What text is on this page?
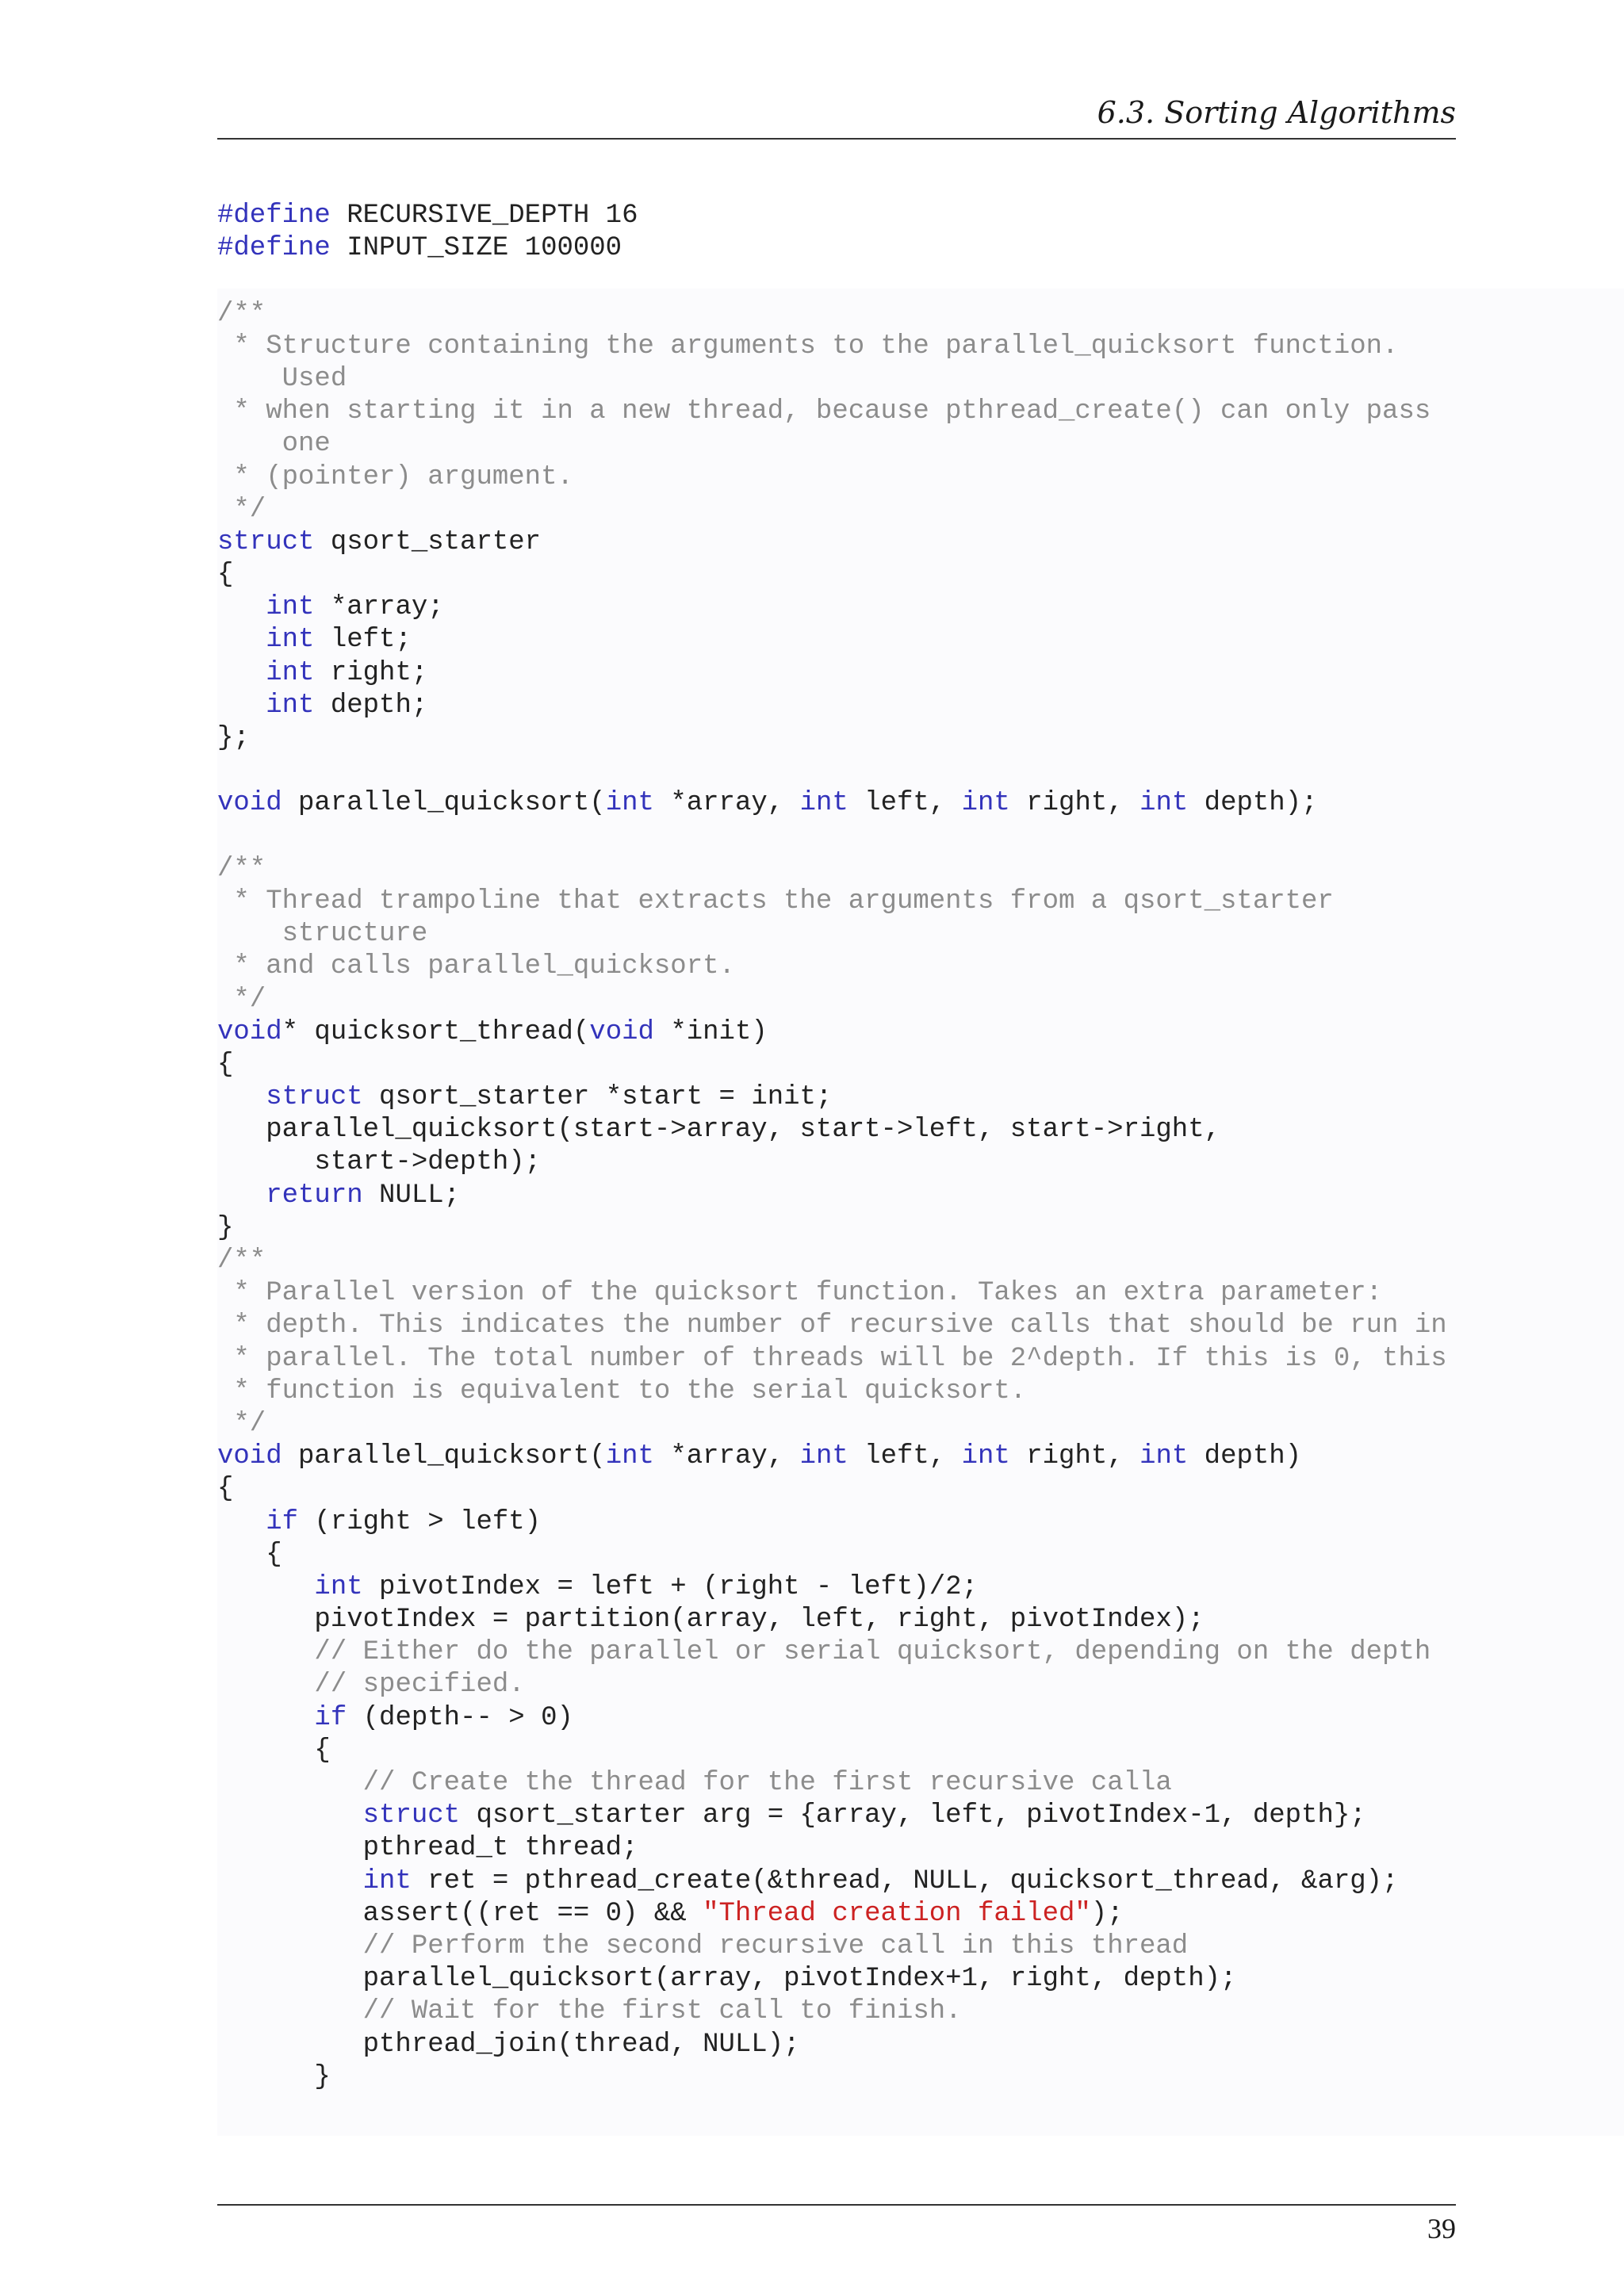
6.3. Sorting Algorithms
#define RECURSIVE_DEPTH 16
#define INPUT_SIZE 100000

/**
* Structure containing the arguments to the parallel_quicksort function.
Used
* when starting it in a new thread, because pthread_create() can only pass
one
* (pointer) argument.
*/
struct qsort_starter
{
int *array;
int left;
int right;
int depth;
};

void parallel_quicksort(int *array, int left, int right, int depth);

/**
* Thread trampoline that extracts the arguments from a qsort_starter
structure
* and calls parallel_quicksort.
*/
void* quicksort_thread(void *init)
{
struct qsort_starter *start = init;
parallel_quicksort(start->array, start->left, start->right,
start->depth);
return NULL;
}
/**
* Parallel version of the quicksort function. Takes an extra parameter:
* depth. This indicates the number of recursive calls that should be run in
* parallel. The total number of threads will be 2^depth. If this is 0, this
* function is equivalent to the serial quicksort.
*/
void parallel_quicksort(int *array, int left, int right, int depth)
{
if (right > left)
{
int pivotIndex = left + (right - left)/2;
pivotIndex = partition(array, left, right, pivotIndex);
// Either do the parallel or serial quicksort, depending on the depth
// specified.
if (depth-- > 0)
{
// Create the thread for the first recursive calla
struct qsort_starter arg = {array, left, pivotIndex-1, depth};
pthread_t thread;
int ret = pthread_create(&thread, NULL, quicksort_thread, &arg);
assert((ret == 0) && "Thread creation failed");
// Perform the second recursive call in this thread
parallel_quicksort(array, pivotIndex+1, right, depth);
// Wait for the first call to finish.
pthread_join(thread, NULL);
}
39
